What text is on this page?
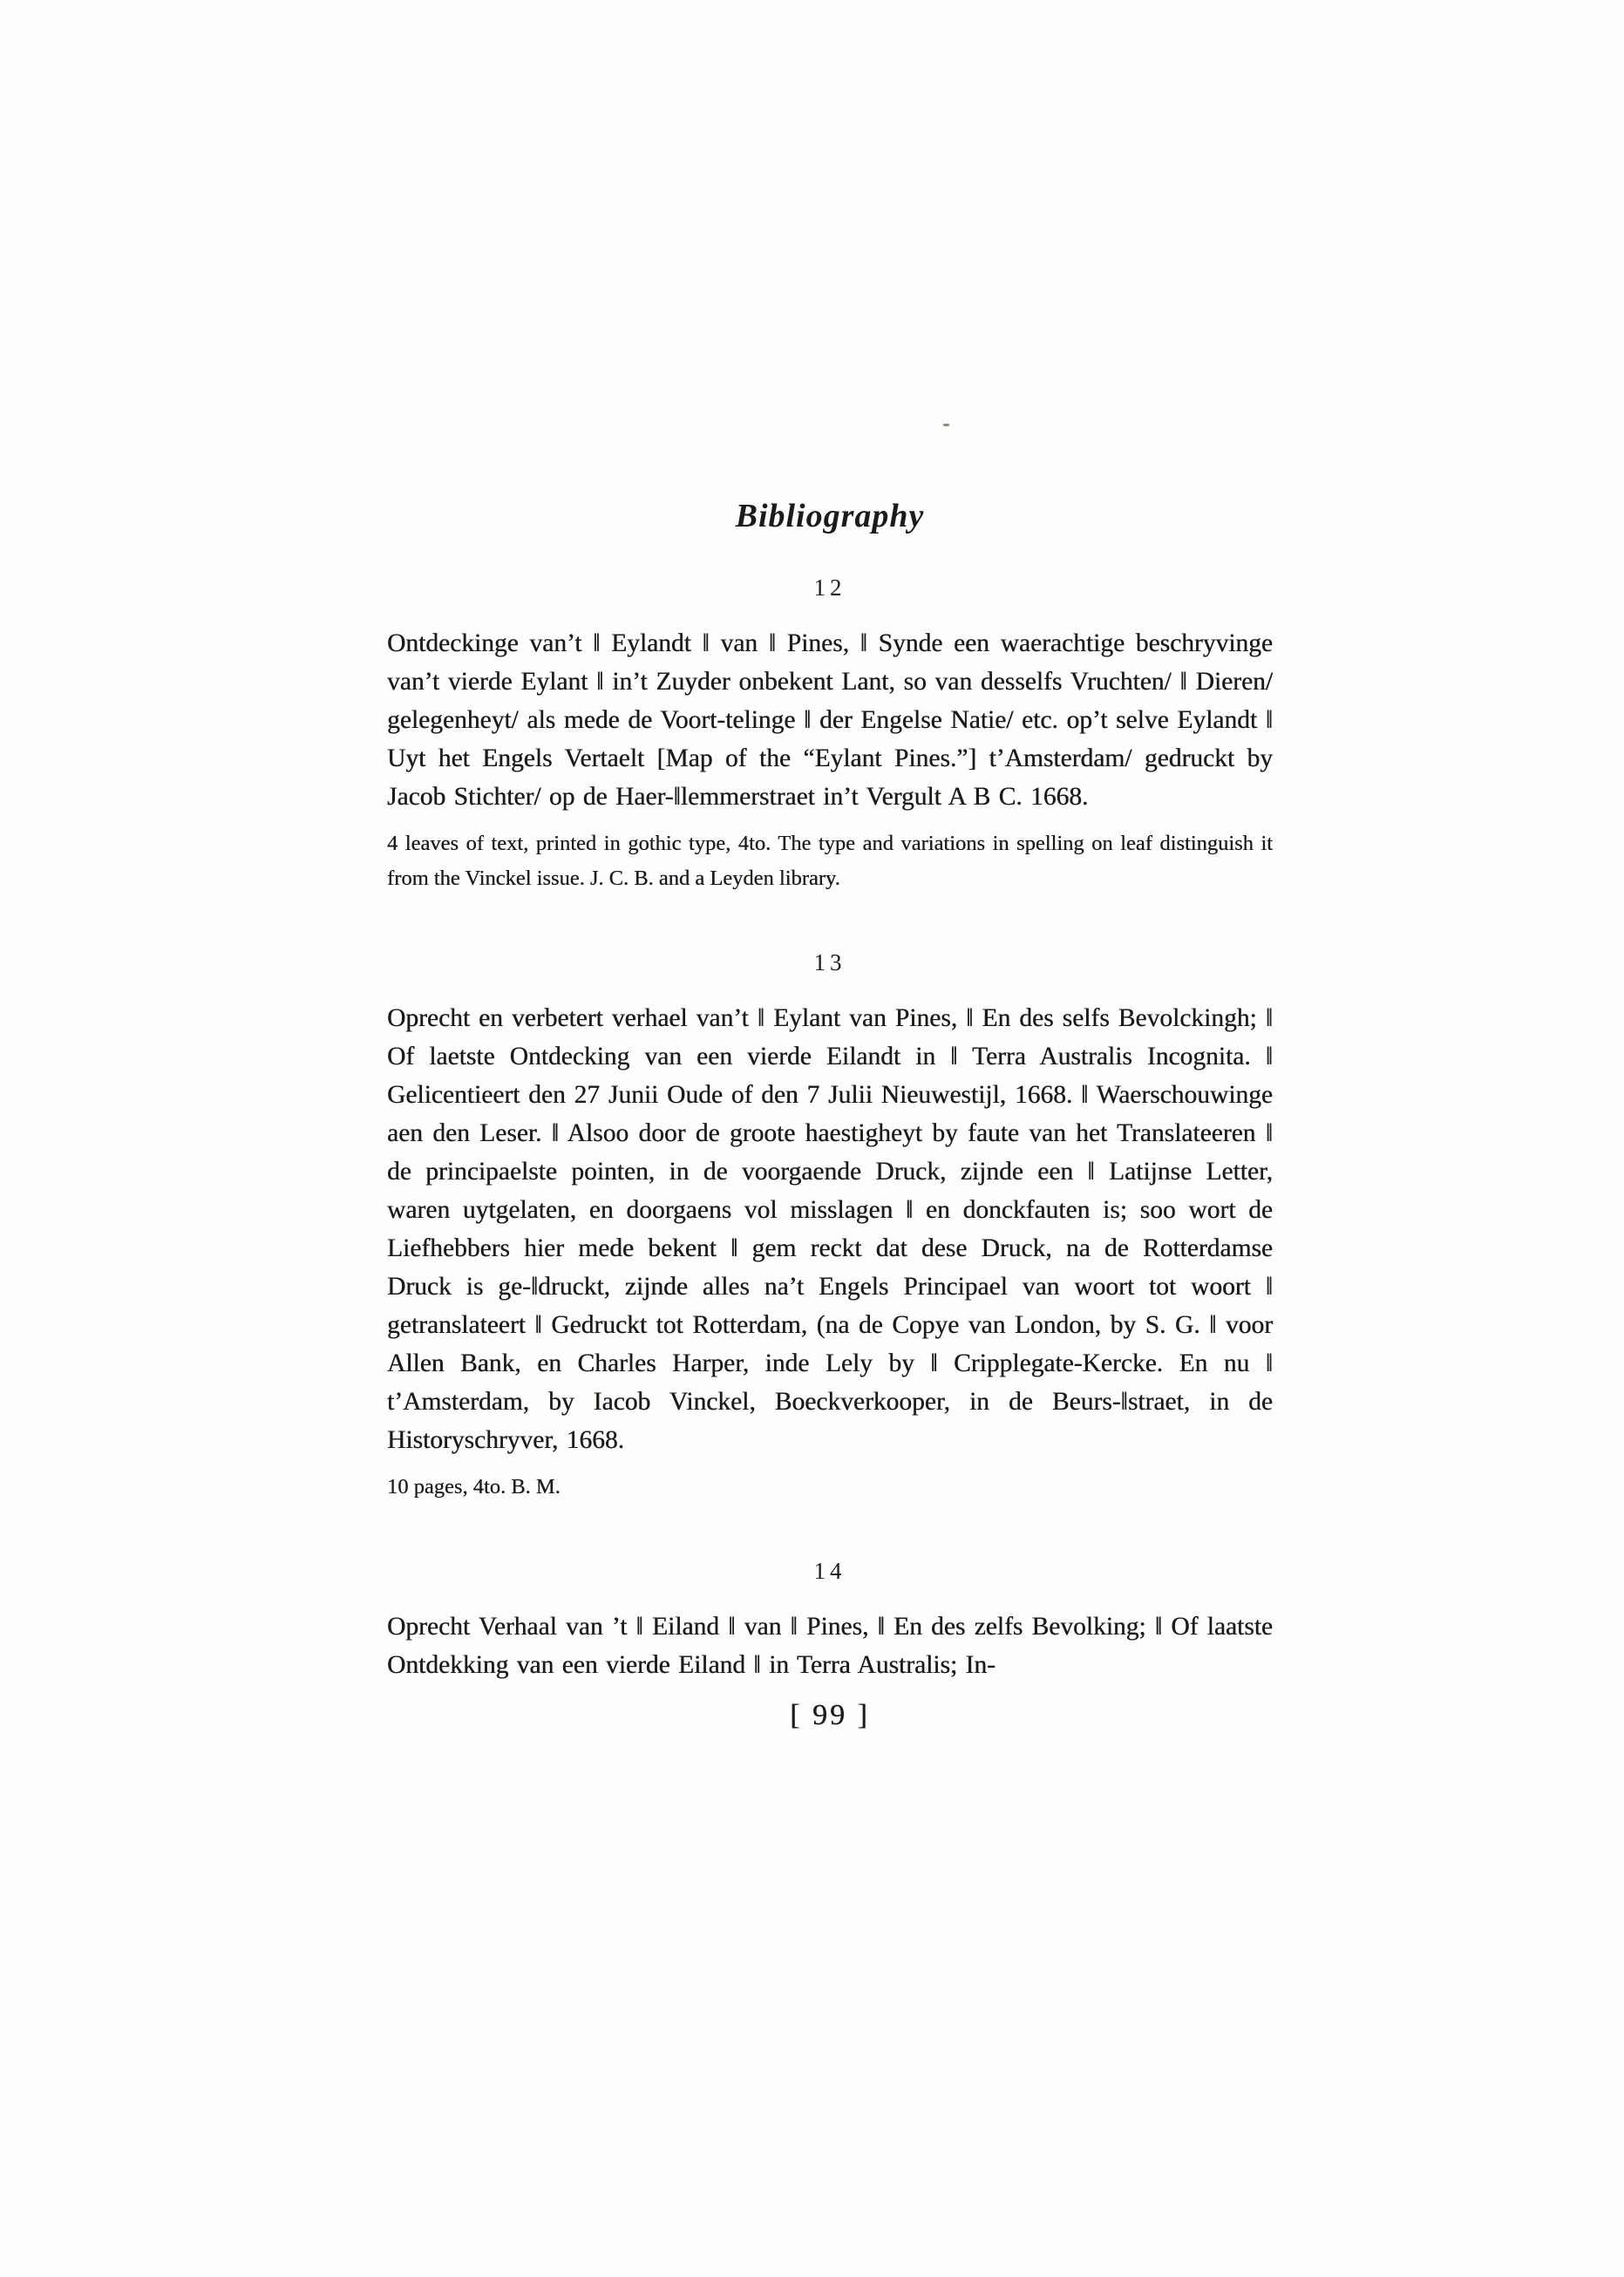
Bibliography
12

Ontdeckinge van’t ‖ Eylandt ‖ van ‖ Pines, ‖ Synde een waerachtige beschryvinge van’t vierde Eylant ‖ in’t Zuyder onbekent Lant, so van desselfs Vruchten/ ‖ Dieren/ gelegenheyt/ als mede de Voort-telinge ‖ der Engelse Natie/ etc. op’t selve Eylandt ‖ Uyt het Engels Vertaelt [Map of the “Eylant Pines.”] t’Amsterdam/ gedruckt by Jacob Stichter/ op de Haer-‖lemmerstraet in’t Vergult A B C. 1668.

4 leaves of text, printed in gothic type, 4to. The type and variations in spelling on leaf distinguish it from the Vinckel issue. J. C. B. and a Leyden library.

13

Oprecht en verbetert verhael van’t ‖ Eylant van Pines, ‖ En des selfs Bevolckingh; ‖ Of laetste Ontdecking van een vierde Eilandt in ‖ Terra Australis Incognita. ‖ Gelicentieert den 27 Junii Oude of den 7 Julii Nieuwestijl, 1668. ‖ Waerschouwinge aen den Leser. ‖ Alsoo door de groote haestigheyt by faute van het Translateeren ‖ de principaelste pointen, in de voorgaende Druck, zijnde een ‖ Latijnse Letter, waren uytgelaten, en doorgaens vol misslagen ‖ en donckfauten is; soo wort de Liefhebbers hier mede bekent ‖ gem reckt dat dese Druck, na de Rotterdamse Druck is ge-‖druckt, zijnde alles na’t Engels Principael van woort tot woort ‖ getranslateert ‖ Gedruckt tot Rotterdam, (na de Copye van London, by S. G. ‖ voor Allen Bank, en Charles Harper, inde Lely by ‖ Cripplegate-Kercke. En nu ‖ t’Amsterdam, by Iacob Vinckel, Boeckverkooper, in de Beurs-‖straet, in de Historyschryver, 1668.

10 pages, 4to. B. M.

14

Oprecht Verhaal van ’t ‖ Eiland ‖ van ‖ Pines, ‖ En des zelfs Bevolking; ‖ Of laatste Ontdekking van een vierde Eiland ‖ in Terra Australis; In-

[ 99 ]
